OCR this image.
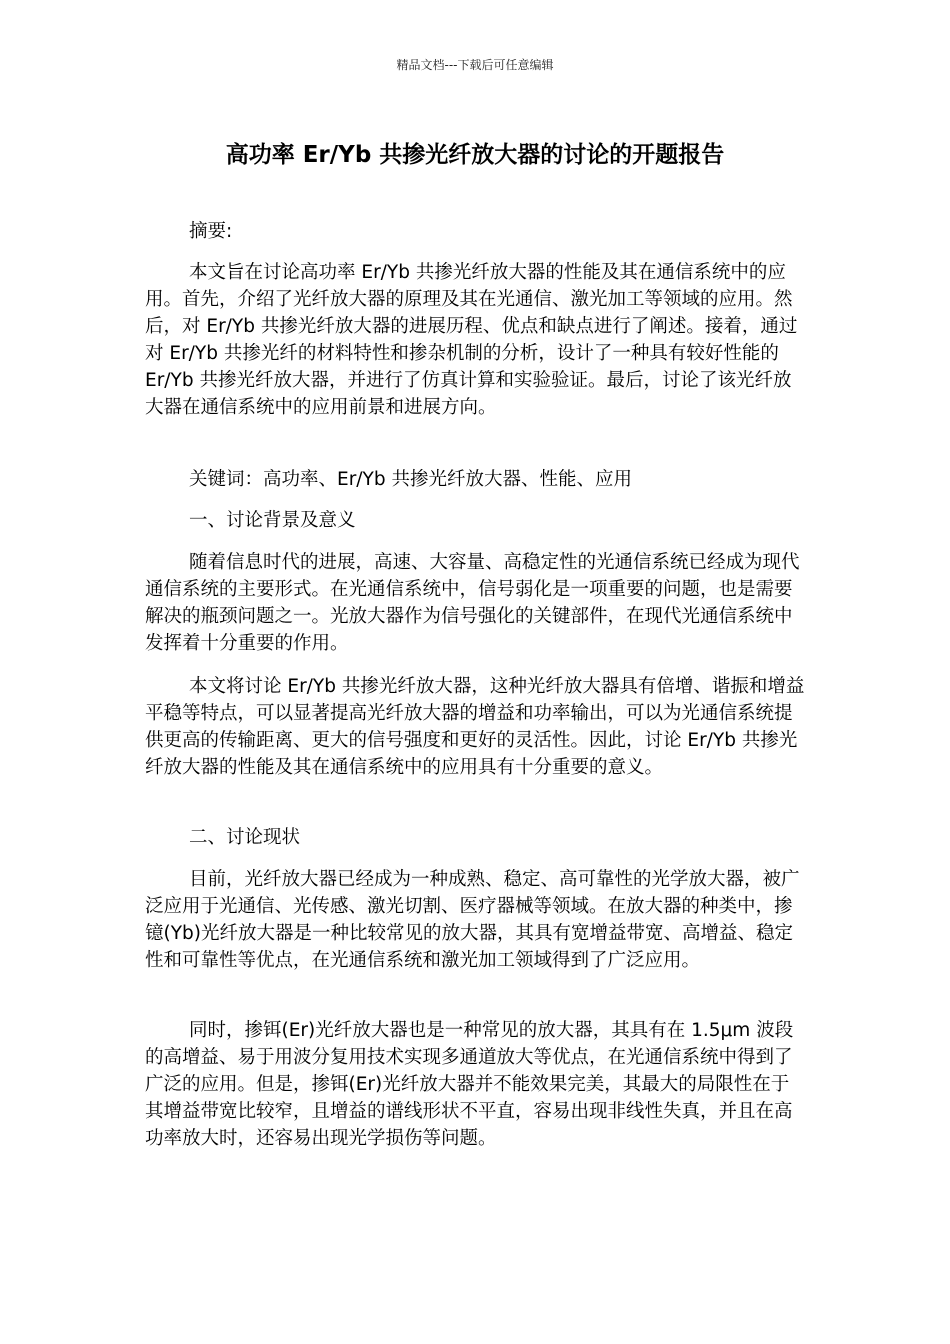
精品文档---下载后可任意编辑
高功率 Er/Yb 共掺光纤放大器的讨论的开题报告

摘要:

本文旨在讨论高功率 Er/Yb 共掺光纤放大器的性能及其在通信系统中的应用。首先，介绍了光纤放大器的原理及其在光通信、激光加工等领域的应用。然后，对 Er/Yb 共掺光纤放大器的进展历程、优点和缺点进行了阐述。接着，通过对 Er/Yb 共掺光纤的材料特性和掺杂机制的分析，设计了一种具有较好性能的 Er/Yb 共掺光纤放大器，并进行了仿真计算和实验验证。最后，讨论了该光纤放大器在通信系统中的应用前景和进展方向。

关键词：高功率、Er/Yb 共掺光纤放大器、性能、应用

一、讨论背景及意义

随着信息时代的进展，高速、大容量、高稳定性的光通信系统已经成为现代通信系统的主要形式。在光通信系统中，信号弱化是一项重要的问题，也是需要解决的瓶颈问题之一。光放大器作为信号强化的关键部件，在现代光通信系统中发挥着十分重要的作用。

本文将讨论 Er/Yb 共掺光纤放大器，这种光纤放大器具有倍增、谐振和增益平稳等特点，可以显著提高光纤放大器的增益和功率输出，可以为光通信系统提供更高的传输距离、更大的信号强度和更好的灵活性。因此，讨论 Er/Yb 共掺光纤放大器的性能及其在通信系统中的应用具有十分重要的意义。

二、讨论现状

目前，光纤放大器已经成为一种成熟、稳定、高可靠性的光学放大器，被广泛应用于光通信、光传感、激光切割、医疗器械等领域。在放大器的种类中，掺镱(Yb)光纤放大器是一种比较常见的放大器，其具有宽增益带宽、高增益、稳定性和可靠性等优点，在光通信系统和激光加工领域得到了广泛应用。

同时，掺铒(Er)光纤放大器也是一种常见的放大器，其具有在 1.5μm 波段的高增益、易于用波分复用技术实现多通道放大等优点，在光通信系统中得到了广泛的应用。但是，掺铒(Er)光纤放大器并不能效果完美，其最大的局限性在于其增益带宽比较窄，且增益的谱线形状不平直，容易出现非线性失真，并且在高功率放大时，还容易出现光学损伤等问题。
